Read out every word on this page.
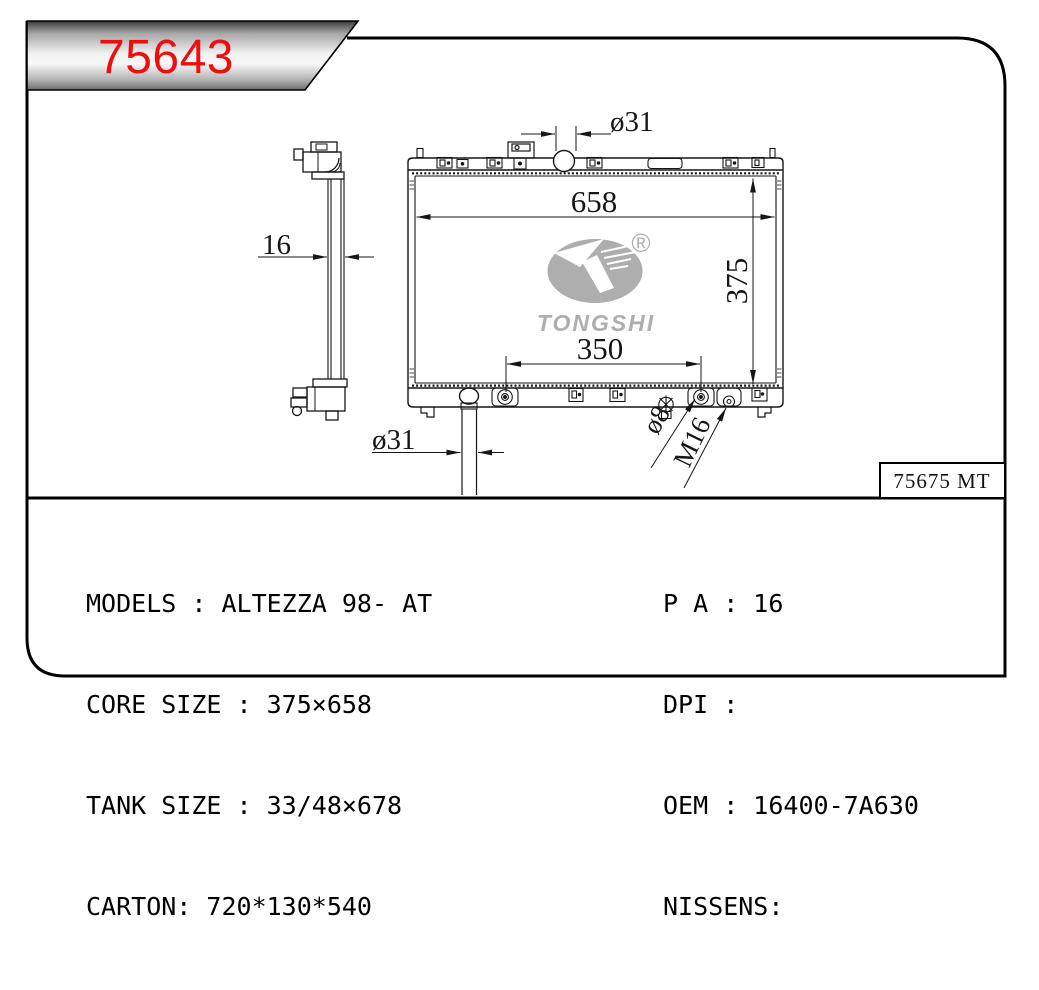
75643
16
ø31
658
375
350
ø31
ø8
M16
®
TONGSHI
75675 MT

MODELS : ALTEZZA 98- AT

CORE SIZE : 375×658

TANK SIZE : 33/48×678

CARTON: 720*130*540

P A : 16

DPI :

OEM : 16400-7A630

NISSENS:
